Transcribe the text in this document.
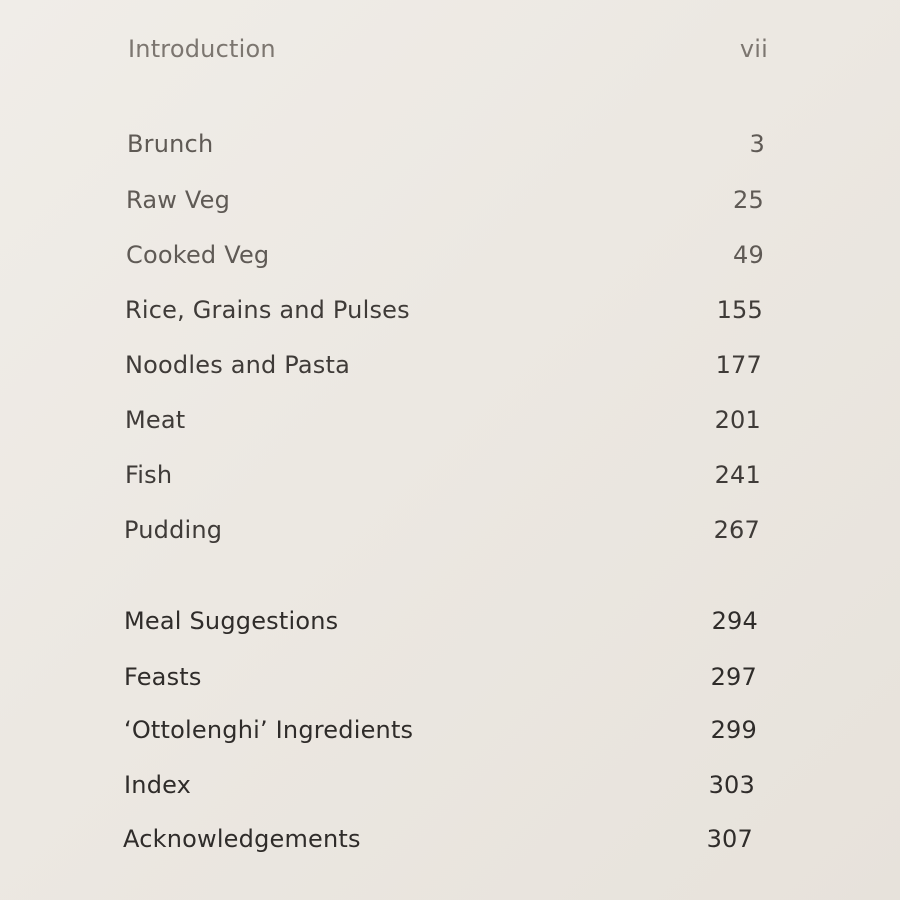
Introduction	vii
Brunch	3
Raw Veg	25
Cooked Veg	49
Rice, Grains and Pulses	155
Noodles and Pasta	177
Meat	201
Fish	241
Pudding	267
Meal Suggestions	294
Feasts	297
‘Ottolenghi’ Ingredients	299
Index	303
Acknowledgements	307
